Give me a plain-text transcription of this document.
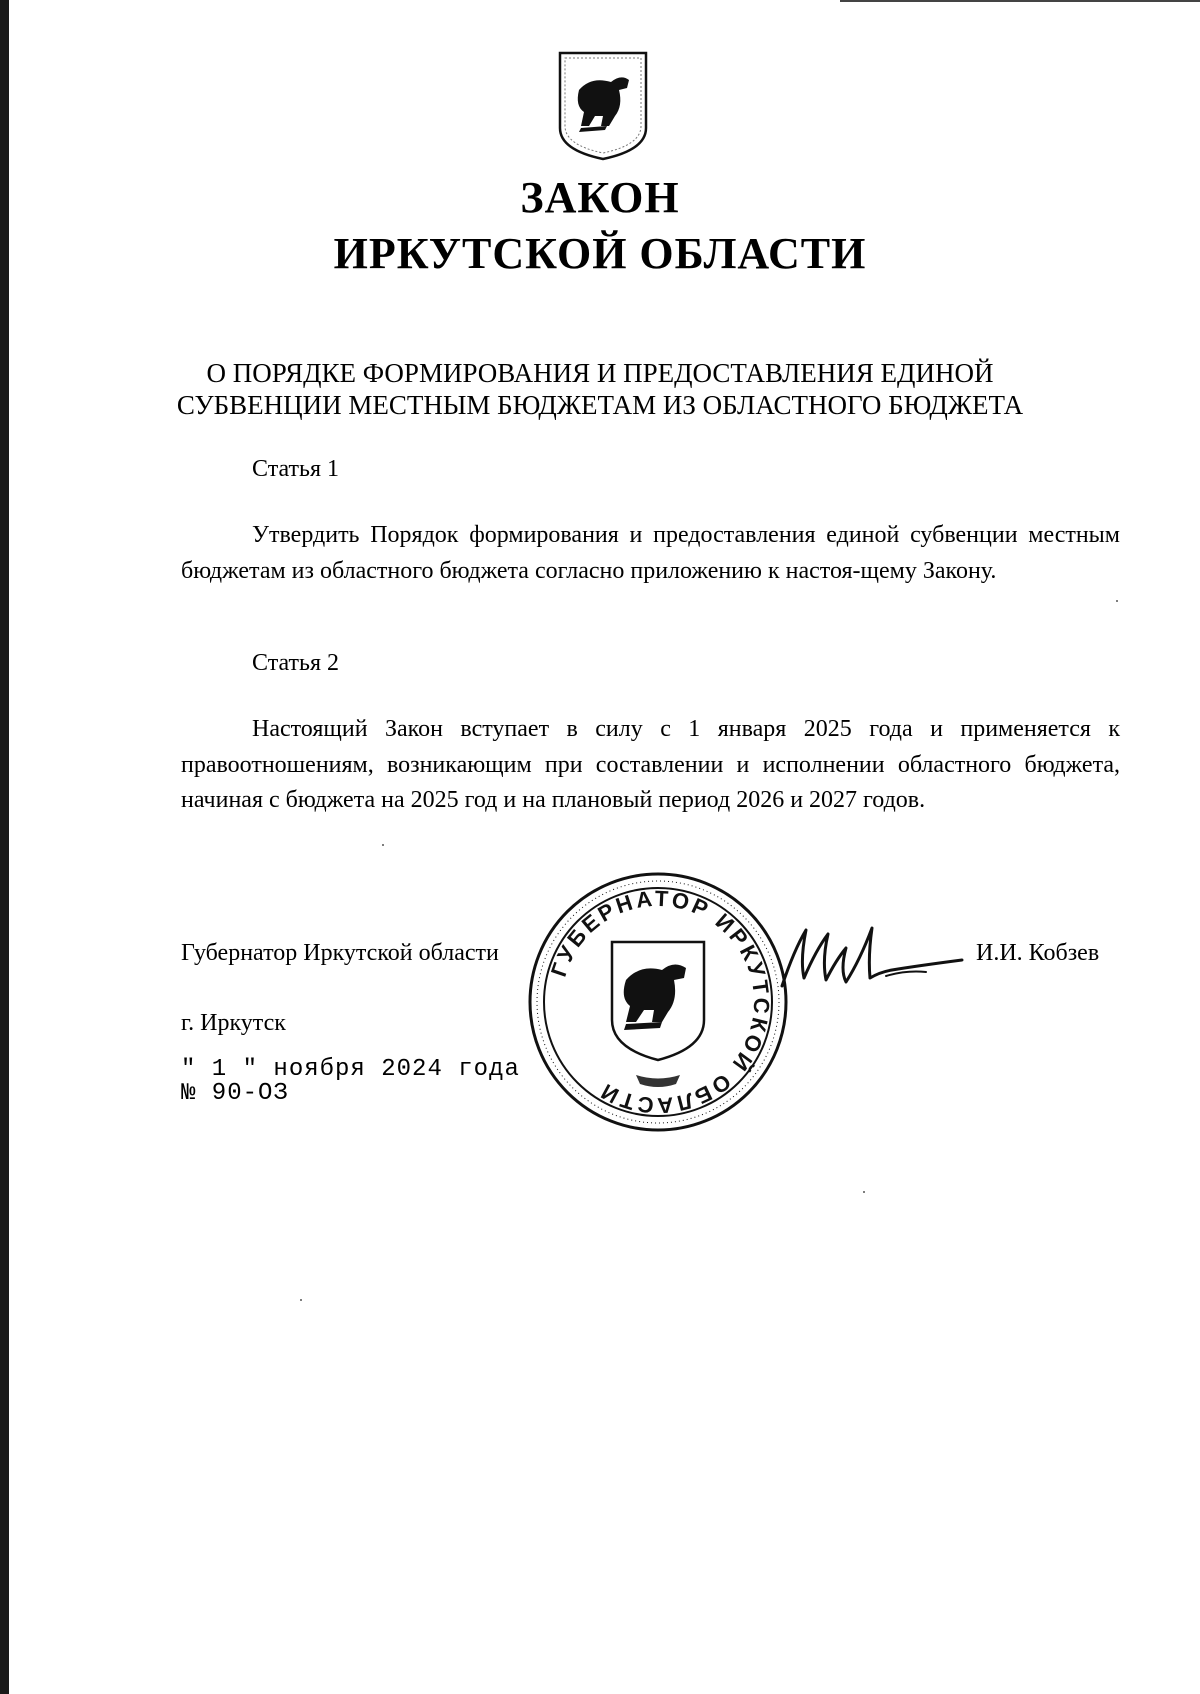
ЗАКОН
ИРКУТСКОЙ ОБЛАСТИ
О ПОРЯДКЕ ФОРМИРОВАНИЯ И ПРЕДОСТАВЛЕНИЯ ЕДИНОЙ
СУБВЕНЦИИ МЕСТНЫМ БЮДЖЕТАМ ИЗ ОБЛАСТНОГО БЮДЖЕТА
Статья 1
Утвердить Порядок формирования и предоставления единой субвенции местным бюджетам из областного бюджета согласно приложению к настоя-щему Закону.
Статья 2
Настоящий Закон вступает в силу с 1 января 2025 года и применяется к правоотношениям, возникающим при составлении и исполнении областного бюджета, начиная с бюджета на 2025 год и на плановый период 2026 и 2027 годов.
Губернатор Иркутской области	И.И. Кобзев
г. Иркутск
" 1 " ноября 2024 года
№ 90-ОЗ
ГУБЕРНАТОР ИРКУТСКОЙ ОБЛАСТИ
